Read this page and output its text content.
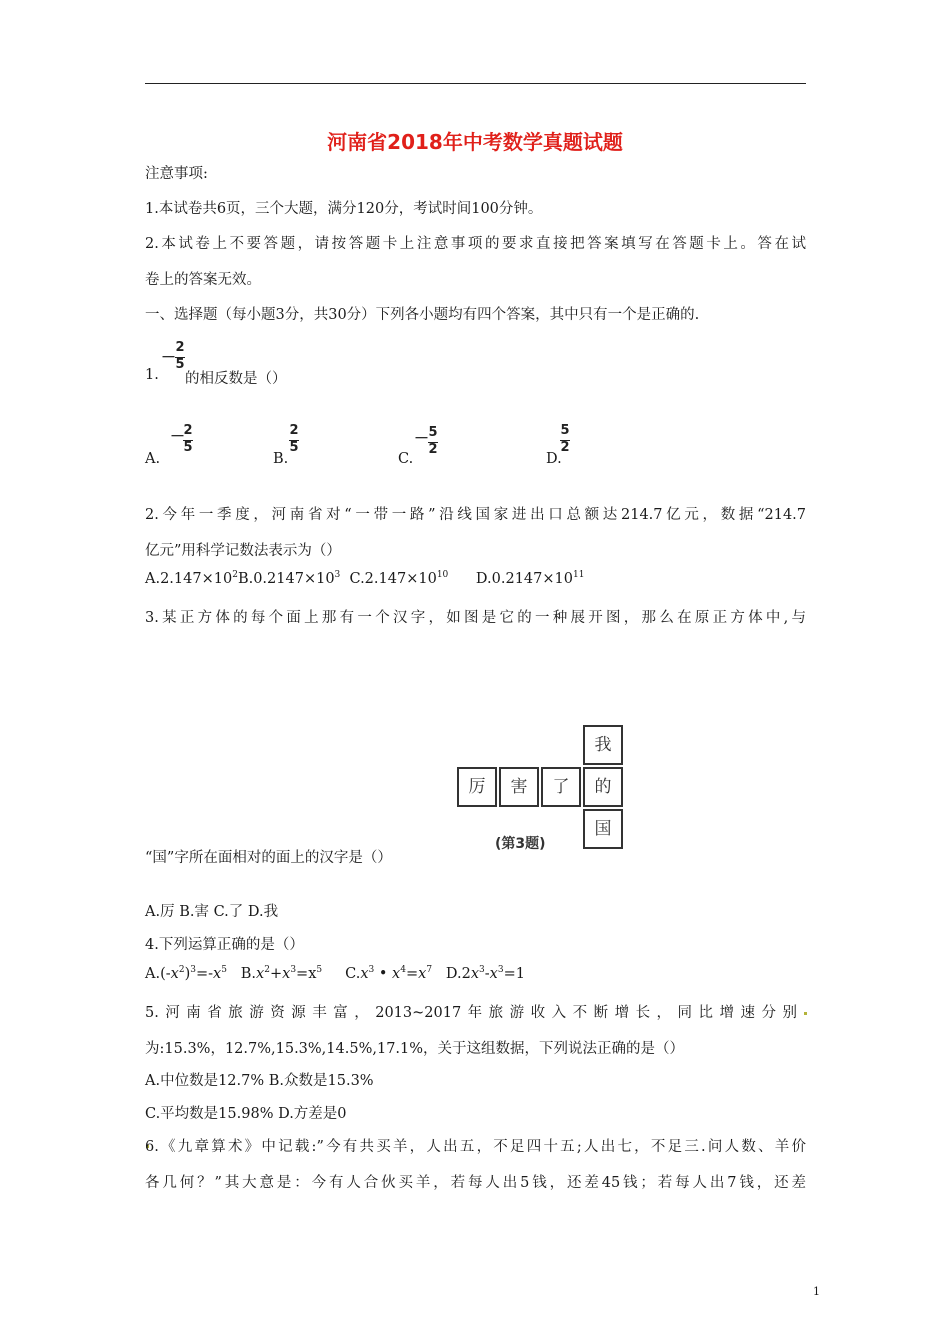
河南省2018年中考数学真题试题
注意事项:
1.本试卷共6页，三个大题，满分120分，考试时间100分钟。
2.本试卷上不要答题，请按答题卡上注意事项的要求直接把答案填写在答题卡上。答在试
卷上的答案无效。
一、选择题（每小题3分，共30分）下列各小题均有四个答案，其中只有一个是正确的.
－
2
5
1. 的相反数是（）
A.
－
2
5
B.
2
5
C.
－ 5
2
D.
5
2
2.今年一季度，河南省对“一带一路”沿线国家进出口总额达214.7亿元，数据“214.7
亿元”用科学记数法表示为（）
$A.2.147\times 10^2B.0.2147\times 10^3$ $C.2.147\times 10^{10}$ $D.0.2147\times 10^{11}$
3.某正方体的每个面上那有一个汉字，如图是它的一种展开图，那么在原正方体中,与
厉	害	了
我
的
国
(第3题)
“国”字所在面相对的面上的汉字是（）
A.厉 B.害 C.了 D.我
4.下列运算正确的是（）
$A.(-x^2)^3=-x^5$ $B.x^2+x^3=x^5$ $C.x^3$ • $x^4=x^7$ $D.2x^3-x^3=1$
5.河南省旅游资源丰富，2013~2017年旅游收入不断增长，同比增速分别
为:15.3%，12.7%,15.3%,14.5%,17.1%，关于这组数据，下列说法正确的是（）
A.中位数是12.7% B.众数是15.3%
C.平均数是15.98% D.方差是0
6.《九章算术》中记载:”今有共买羊，人出五，不足四十五;人出七，不足三.问人数、羊价
各几何？”其大意是：今有人合伙买羊，若每人出5钱，还差45钱；若每人出7钱，还差
1
